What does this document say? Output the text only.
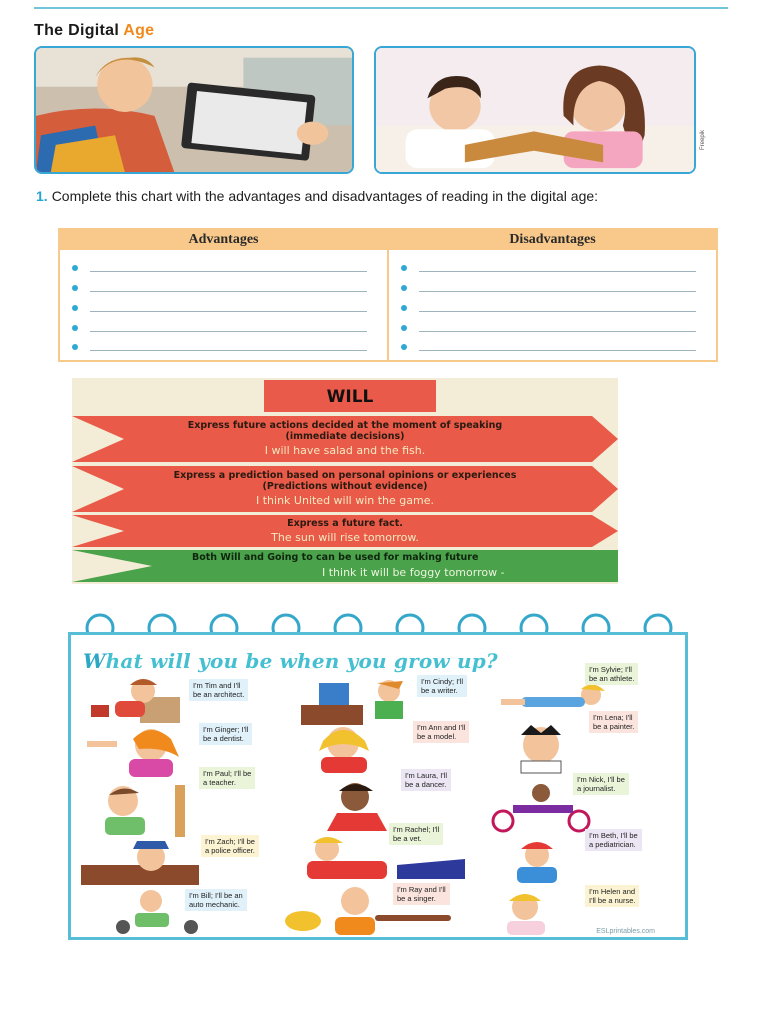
The Digital Age
Freepik
1. Complete this chart with the advantages and disadvantages of reading in the digital age:
Advantages	Disadvantages
WILL
Express future actions decided at the moment of speaking
(immediate decisions)
I will have salad and the fish.
Express a prediction based on personal opinions or experiences
(Predictions without evidence)
I think United will win the game.
Express a future fact.
The sun will rise tomorrow.
Both Will and Going to can be used for making future
I think it will be foggy tomorrow -
What will you be when you grow up?
I'm Tim and I'll
be an architect.
I'm Cindy; I'll
be a writer.
I'm Sylvie; I'll
be an athlete.
I'm Ginger; I'll
be a dentist.
I'm Ann and I'll
be a model.
I'm Lena; I'll
be a painter.
I'm Paul; I'll be
a teacher.
I'm Laura, I'll
be a dancer.
I'm Nick, I'll be
a journalist.
I'm Zach; I'll be
a police officer.
I'm Rachel; I'll
be a vet.	I'm Beth, I'll be
a pediatrician.
I'm Bill; I'll be an
auto mechanic.
I'm Ray and I'll
be a singer.
I'm Helen and
I'll be a nurse.
ESLprintables.com
